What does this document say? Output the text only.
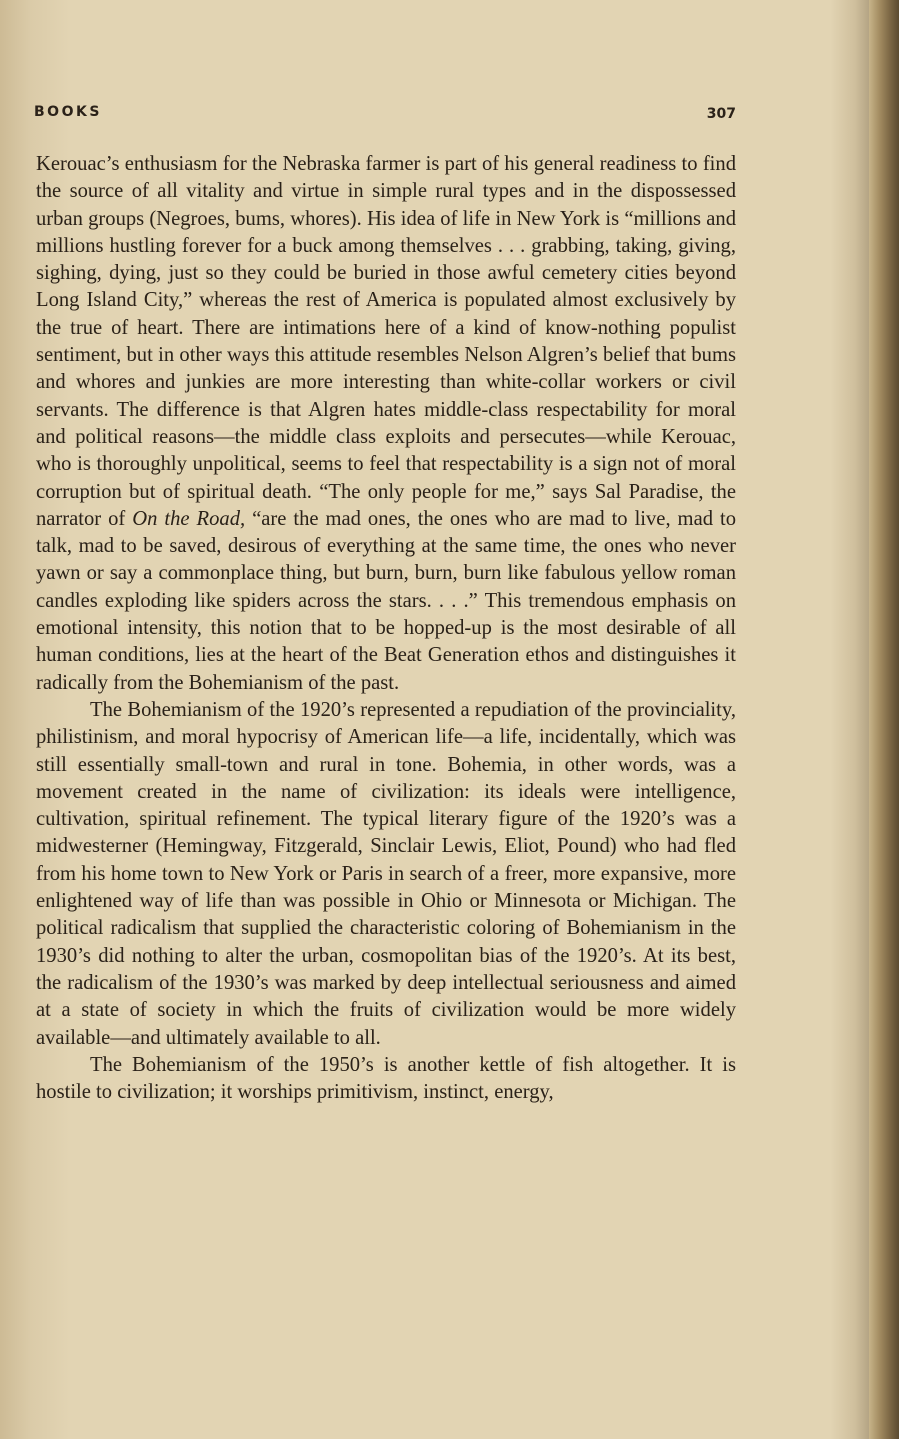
BOOKS	307

Kerouac’s enthusiasm for the Nebraska farmer is part of his general readiness to find the source of all vitality and virtue in simple rural types and in the dispossessed urban groups (Negroes, bums, whores). His idea of life in New York is “millions and millions hustling forever for a buck among themselves . . . grabbing, taking, giving, sighing, dying, just so they could be buried in those awful cemetery cities beyond Long Island City,” whereas the rest of America is populated almost exclusively by the true of heart. There are intimations here of a kind of know-nothing populist sentiment, but in other ways this attitude resembles Nelson Algren’s belief that bums and whores and junkies are more interesting than white-collar workers or civil servants. The difference is that Algren hates middle-class respectability for moral and political reasons—the middle class exploits and persecutes—while Kerouac, who is thoroughly unpolitical, seems to feel that respectability is a sign not of moral corruption but of spiritual death. “The only people for me,” says Sal Paradise, the narrator of On the Road, “are the mad ones, the ones who are mad to live, mad to talk, mad to be saved, desirous of everything at the same time, the ones who never yawn or say a commonplace thing, but burn, burn, burn like fabulous yellow roman candles exploding like spiders across the stars. . . .” This tremendous emphasis on emotional intensity, this notion that to be hopped-up is the most desirable of all human conditions, lies at the heart of the Beat Generation ethos and distinguishes it radically from the Bohemianism of the past.

The Bohemianism of the 1920’s represented a repudiation of the provinciality, philistinism, and moral hypocrisy of American life—a life, incidentally, which was still essentially small-town and rural in tone. Bohemia, in other words, was a movement created in the name of civilization: its ideals were intelligence, cultivation, spiritual refinement. The typical literary figure of the 1920’s was a midwesterner (Hemingway, Fitzgerald, Sinclair Lewis, Eliot, Pound) who had fled from his home town to New York or Paris in search of a freer, more expansive, more enlightened way of life than was possible in Ohio or Minnesota or Michigan. The political radicalism that supplied the characteristic coloring of Bohemianism in the 1930’s did nothing to alter the urban, cosmopolitan bias of the 1920’s. At its best, the radicalism of the 1930’s was marked by deep intellectual seriousness and aimed at a state of society in which the fruits of civilization would be more widely available—and ultimately available to all.

The Bohemianism of the 1950’s is another kettle of fish altogether. It is hostile to civilization; it worships primitivism, instinct, energy,
